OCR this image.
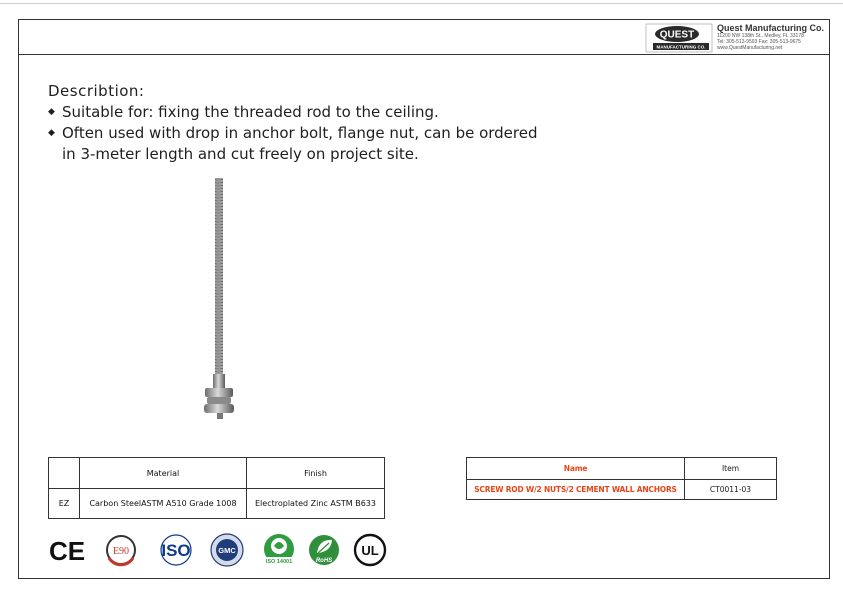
QUEST
MANUFACTURING CO.
Quest Manufacturing Co.
11200 NW 138th St., Medley, FL 33178
Tel: 305-513-9593 Fax: 305-513-9675
www.QuestManufacturing.net
Describtion:
◆ Suitable for: fixing the threaded rod to the ceiling.
◆ Often used with drop in anchor bolt, flange nut, can be ordered
in 3-meter length and cut freely on project site.
	Material	Finish
EZ	Carbon SteelASTM A510 Grade 1008	Electroplated Zinc ASTM B633
Name	Item
SCREW ROD W/2 NUTS/2 CEMENT WALL ANCHORS	CT0011-03
CE	E90 ISO	GMC
ISO 14001	RoHS
UL
